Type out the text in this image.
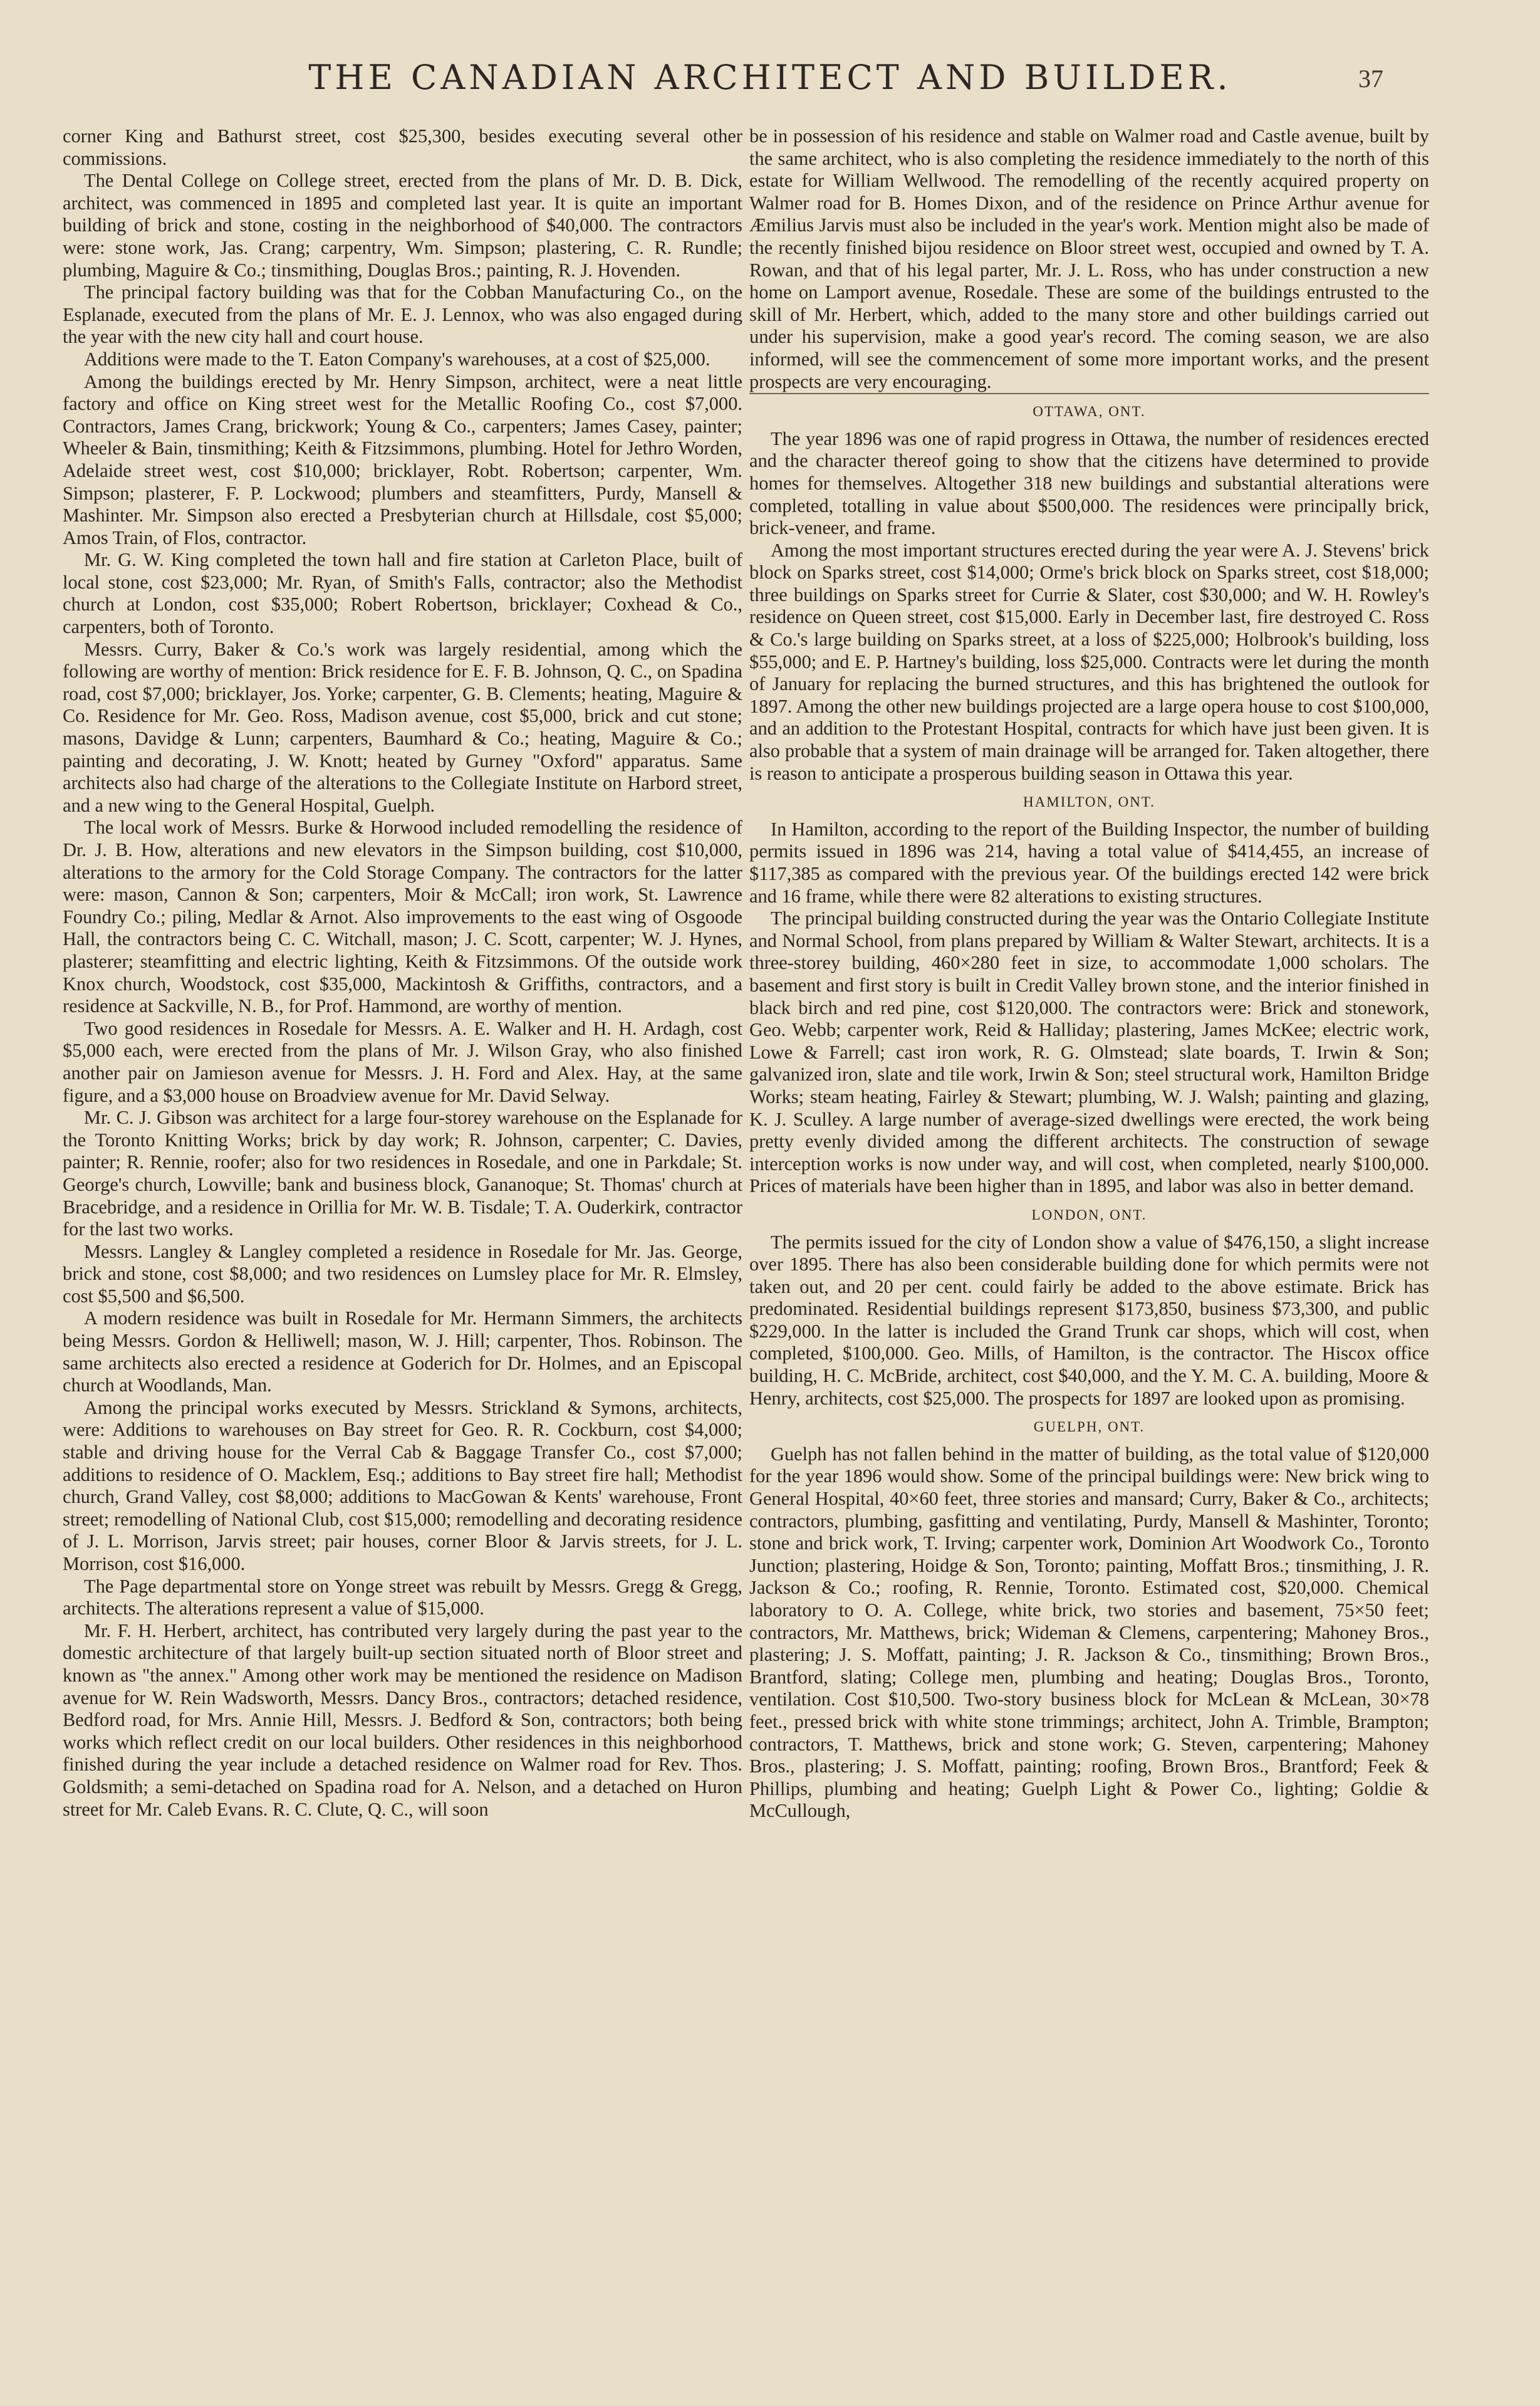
THE CANADIAN ARCHITECT AND BUILDER.	37

corner King and Bathurst street, cost $25,300, besides executing several other commissions.

The Dental College on College street, erected from the plans of Mr. D. B. Dick, architect, was commenced in 1895 and completed last year. It is quite an important building of brick and stone, costing in the neighborhood of $40,000. The contractors were: stone work, Jas. Crang; carpentry, Wm. Simpson; plastering, C. R. Rundle; plumbing, Maguire & Co.; tinsmithing, Douglas Bros.; painting, R. J. Hovenden.

The principal factory building was that for the Cobban Manufacturing Co., on the Esplanade, executed from the plans of Mr. E. J. Lennox, who was also engaged during the year with the new city hall and court house.

Additions were made to the T. Eaton Company's warehouses, at a cost of $25,000.

Among the buildings erected by Mr. Henry Simpson, architect, were a neat little factory and office on King street west for the Metallic Roofing Co., cost $7,000. Contractors, James Crang, brickwork; Young & Co., carpenters; James Casey, painter; Wheeler & Bain, tinsmithing; Keith & Fitzsimmons, plumbing. Hotel for Jethro Worden, Adelaide street west, cost $10,000; bricklayer, Robt. Robertson; carpenter, Wm. Simpson; plasterer, F. P. Lockwood; plumbers and steamfitters, Purdy, Mansell & Mashinter. Mr. Simpson also erected a Presbyterian church at Hillsdale, cost $5,000; Amos Train, of Flos, contractor.

Mr. G. W. King completed the town hall and fire station at Carleton Place, built of local stone, cost $23,000; Mr. Ryan, of Smith's Falls, contractor; also the Methodist church at London, cost $35,000; Robert Robertson, bricklayer; Coxhead & Co., carpenters, both of Toronto.

Messrs. Curry, Baker & Co.'s work was largely residential, among which the following are worthy of mention: Brick residence for E. F. B. Johnson, Q. C., on Spadina road, cost $7,000; bricklayer, Jos. Yorke; carpenter, G. B. Clements; heating, Maguire & Co. Residence for Mr. Geo. Ross, Madison avenue, cost $5,000, brick and cut stone; masons, Davidge & Lunn; carpenters, Baumhard & Co.; heating, Maguire & Co.; painting and decorating, J. W. Knott; heated by Gurney "Oxford" apparatus. Same architects also had charge of the alterations to the Collegiate Institute on Harbord street, and a new wing to the General Hospital, Guelph.

The local work of Messrs. Burke & Horwood included remodelling the residence of Dr. J. B. How, alterations and new elevators in the Simpson building, cost $10,000, alterations to the armory for the Cold Storage Company. The contractors for the latter were: mason, Cannon & Son; carpenters, Moir & McCall; iron work, St. Lawrence Foundry Co.; piling, Medlar & Arnot. Also improvements to the east wing of Osgoode Hall, the contractors being C. C. Witchall, mason; J. C. Scott, carpenter; W. J. Hynes, plasterer; steamfitting and electric lighting, Keith & Fitzsimmons. Of the outside work Knox church, Woodstock, cost $35,000, Mackintosh & Griffiths, contractors, and a residence at Sackville, N. B., for Prof. Hammond, are worthy of mention.

Two good residences in Rosedale for Messrs. A. E. Walker and H. H. Ardagh, cost $5,000 each, were erected from the plans of Mr. J. Wilson Gray, who also finished another pair on Jamieson avenue for Messrs. J. H. Ford and Alex. Hay, at the same figure, and a $3,000 house on Broadview avenue for Mr. David Selway.

Mr. C. J. Gibson was architect for a large four-storey warehouse on the Esplanade for the Toronto Knitting Works; brick by day work; R. Johnson, carpenter; C. Davies, painter; R. Rennie, roofer; also for two residences in Rosedale, and one in Parkdale; St. George's church, Lowville; bank and business block, Gananoque; St. Thomas' church at Bracebridge, and a residence in Orillia for Mr. W. B. Tisdale; T. A. Ouderkirk, contractor for the last two works.

Messrs. Langley & Langley completed a residence in Rosedale for Mr. Jas. George, brick and stone, cost $8,000; and two residences on Lumsley place for Mr. R. Elmsley, cost $5,500 and $6,500.

A modern residence was built in Rosedale for Mr. Hermann Simmers, the architects being Messrs. Gordon & Helliwell; mason, W. J. Hill; carpenter, Thos. Robinson. The same architects also erected a residence at Goderich for Dr. Holmes, and an Episcopal church at Woodlands, Man.

Among the principal works executed by Messrs. Strickland & Symons, architects, were: Additions to warehouses on Bay street for Geo. R. R. Cockburn, cost $4,000; stable and driving house for the Verral Cab & Baggage Transfer Co., cost $7,000; additions to residence of O. Macklem, Esq.; additions to Bay street fire hall; Methodist church, Grand Valley, cost $8,000; additions to MacGowan & Kents' warehouse, Front street; remodelling of National Club, cost $15,000; remodelling and decorating residence of J. L. Morrison, Jarvis street; pair houses, corner Bloor & Jarvis streets, for J. L. Morrison, cost $16,000.

The Page departmental store on Yonge street was rebuilt by Messrs. Gregg & Gregg, architects. The alterations represent a value of $15,000.

Mr. F. H. Herbert, architect, has contributed very largely during the past year to the domestic architecture of that largely built-up section situated north of Bloor street and known as "the annex." Among other work may be mentioned the residence on Madison avenue for W. Rein Wadsworth, Messrs. Dancy Bros., contractors; detached residence, Bedford road, for Mrs. Annie Hill, Messrs. J. Bedford & Son, contractors; both being works which reflect credit on our local builders. Other residences in this neighborhood finished during the year include a detached residence on Walmer road for Rev. Thos. Goldsmith; a semi-detached on Spadina road for A. Nelson, and a detached on Huron street for Mr. Caleb Evans. R. C. Clute, Q. C., will soon

be in possession of his residence and stable on Walmer road and Castle avenue, built by the same architect, who is also completing the residence immediately to the north of this estate for William Wellwood. The remodelling of the recently acquired property on Walmer road for B. Homes Dixon, and of the residence on Prince Arthur avenue for Æmilius Jarvis must also be included in the year's work. Mention might also be made of the recently finished bijou residence on Bloor street west, occupied and owned by T. A. Rowan, and that of his legal parter, Mr. J. L. Ross, who has under construction a new home on Lamport avenue, Rosedale. These are some of the buildings entrusted to the skill of Mr. Herbert, which, added to the many store and other buildings carried out under his supervision, make a good year's record. The coming season, we are also informed, will see the commencement of some more important works, and the present prospects are very encouraging.

OTTAWA, ONT.

The year 1896 was one of rapid progress in Ottawa, the number of residences erected and the character thereof going to show that the citizens have determined to provide homes for themselves. Altogether 318 new buildings and substantial alterations were completed, totalling in value about $500,000. The residences were principally brick, brick-veneer, and frame.

Among the most important structures erected during the year were A. J. Stevens' brick block on Sparks street, cost $14,000; Orme's brick block on Sparks street, cost $18,000; three buildings on Sparks street for Currie & Slater, cost $30,000; and W. H. Rowley's residence on Queen street, cost $15,000. Early in December last, fire destroyed C. Ross & Co.'s large building on Sparks street, at a loss of $225,000; Holbrook's building, loss $55,000; and E. P. Hartney's building, loss $25,000. Contracts were let during the month of January for replacing the burned structures, and this has brightened the outlook for 1897. Among the other new buildings projected are a large opera house to cost $100,000, and an addition to the Protestant Hospital, contracts for which have just been given. It is also probable that a system of main drainage will be arranged for. Taken altogether, there is reason to anticipate a prosperous building season in Ottawa this year.

HAMILTON, ONT.

In Hamilton, according to the report of the Building Inspector, the number of building permits issued in 1896 was 214, having a total value of $414,455, an increase of $117,385 as compared with the previous year. Of the buildings erected 142 were brick and 16 frame, while there were 82 alterations to existing structures.

The principal building constructed during the year was the Ontario Collegiate Institute and Normal School, from plans prepared by William & Walter Stewart, architects. It is a three-storey building, 460×280 feet in size, to accommodate 1,000 scholars. The basement and first story is built in Credit Valley brown stone, and the interior finished in black birch and red pine, cost $120,000. The contractors were: Brick and stonework, Geo. Webb; carpenter work, Reid & Halliday; plastering, James McKee; electric work, Lowe & Farrell; cast iron work, R. G. Olmstead; slate boards, T. Irwin & Son; galvanized iron, slate and tile work, Irwin & Son; steel structural work, Hamilton Bridge Works; steam heating, Fairley & Stewart; plumbing, W. J. Walsh; painting and glazing, K. J. Sculley. A large number of average-sized dwellings were erected, the work being pretty evenly divided among the different architects. The construction of sewage interception works is now under way, and will cost, when completed, nearly $100,000. Prices of materials have been higher than in 1895, and labor was also in better demand.

LONDON, ONT.

The permits issued for the city of London show a value of $476,150, a slight increase over 1895. There has also been considerable building done for which permits were not taken out, and 20 per cent. could fairly be added to the above estimate. Brick has predominated. Residential buildings represent $173,850, business $73,300, and public $229,000. In the latter is included the Grand Trunk car shops, which will cost, when completed, $100,000. Geo. Mills, of Hamilton, is the contractor. The Hiscox office building, H. C. McBride, architect, cost $40,000, and the Y. M. C. A. building, Moore & Henry, architects, cost $25,000. The prospects for 1897 are looked upon as promising.

GUELPH, ONT.

Guelph has not fallen behind in the matter of building, as the total value of $120,000 for the year 1896 would show. Some of the principal buildings were: New brick wing to General Hospital, 40×60 feet, three stories and mansard; Curry, Baker & Co., architects; contractors, plumbing, gasfitting and ventilating, Purdy, Mansell & Mashinter, Toronto; stone and brick work, T. Irving; carpenter work, Dominion Art Woodwork Co., Toronto Junction; plastering, Hoidge & Son, Toronto; painting, Moffatt Bros.; tinsmithing, J. R. Jackson & Co.; roofing, R. Rennie, Toronto. Estimated cost, $20,000. Chemical laboratory to O. A. College, white brick, two stories and basement, 75×50 feet; contractors, Mr. Matthews, brick; Wideman & Clemens, carpentering; Mahoney Bros., plastering; J. S. Moffatt, painting; J. R. Jackson & Co., tinsmithing; Brown Bros., Brantford, slating; College men, plumbing and heating; Douglas Bros., Toronto, ventilation. Cost $10,500. Two-story business block for McLean & McLean, 30×78 feet., pressed brick with white stone trimmings; architect, John A. Trimble, Brampton; contractors, T. Matthews, brick and stone work; G. Steven, carpentering; Mahoney Bros., plastering; J. S. Moffatt, painting; roofing, Brown Bros., Brantford; Feek & Phillips, plumbing and heating; Guelph Light & Power Co., lighting; Goldie & McCullough,
